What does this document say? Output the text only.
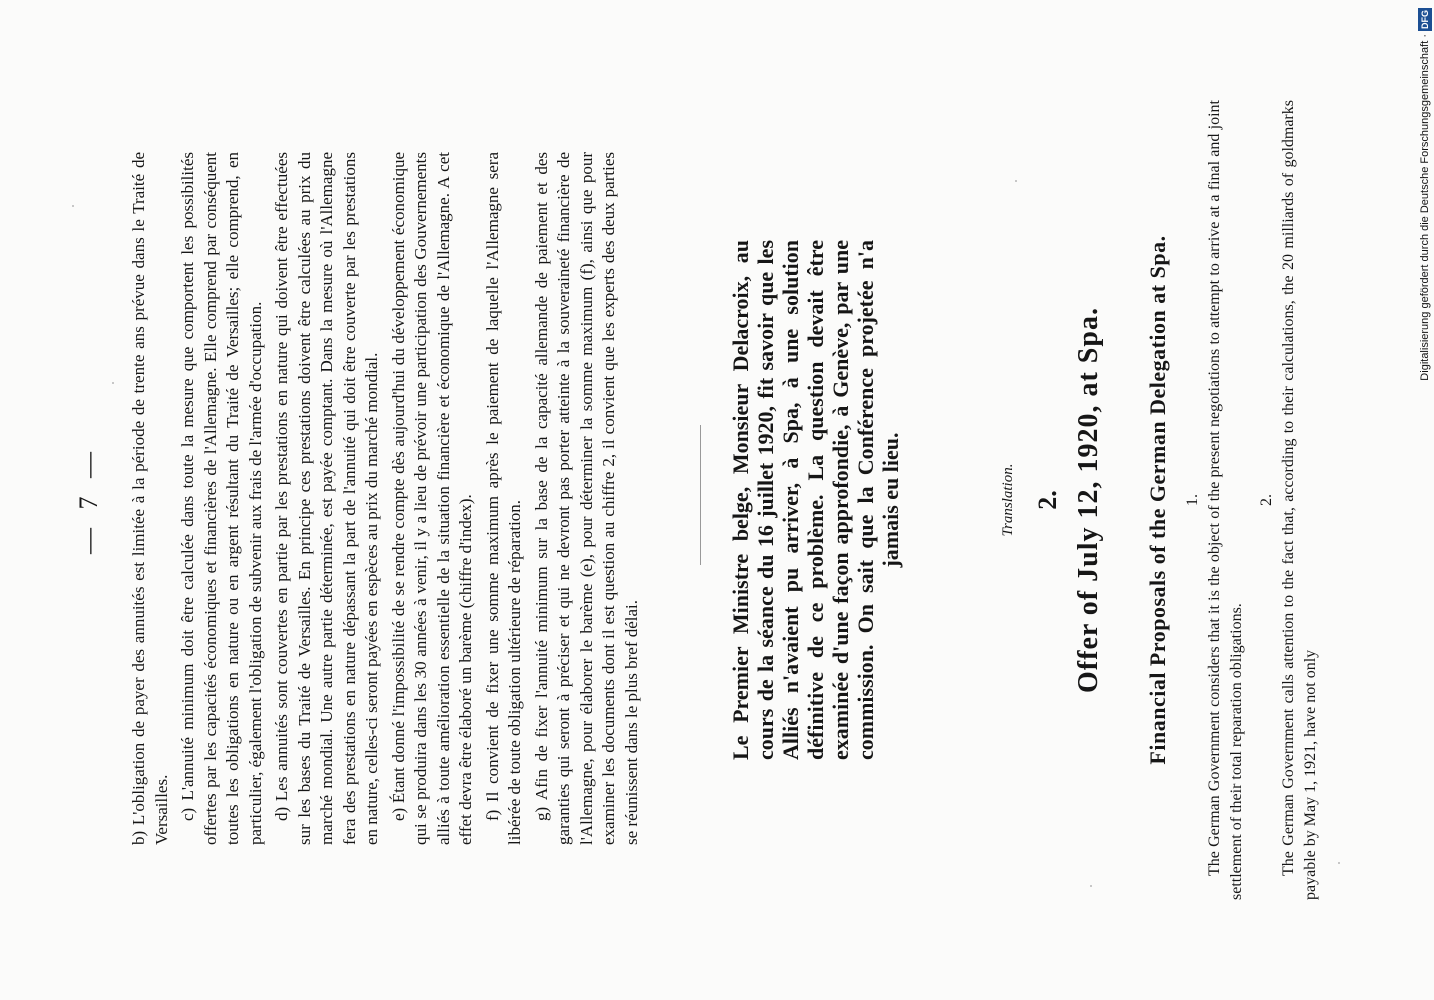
— 7 — b) L'obligation de payer des annuités est limitée à la période de trente ans prévue dans le Traité de Versailles. c) L'annuité minimum doit être calculée dans toute la mesure que comportent les possibilités offertes par les capacités économiques et financières de l'Allemagne. Elle comprend par conséquent toutes les obligations en nature ou en argent résultant du Traité de Versailles; elle comprend, en particulier, également l'obligation de subvenir aux frais de l'armée d'occupation. d) Les annuités sont couvertes en partie par les prestations en nature qui doivent être effectuées sur les bases du Traité de Versailles. En principe ces prestations doivent être calculées au prix du marché mondial. Une autre partie déterminée, est payée comptant. Dans la mesure où l'Allemagne fera des prestations en nature dépassant la part de l'annuité qui doit être couverte par les prestations en nature, celles-ci seront payées en espèces au prix du marché mondial. e) Étant donné l'impossibilité de se rendre compte dès aujourd'hui du développement économique qui se produira dans les 30 années à venir, il y a lieu de prévoir une participation des Gouvernements alliés à toute amélioration essentielle de la situation financière et économique de l'Allemagne. A cet effet devra être élaboré un barème (chiffre d'index). f) Il convient de fixer une somme maximum après le paiement de laquelle l'Allemagne sera libérée de toute obligation ultérieure de réparation. g) Afin de fixer l'annuité minimum sur la base de la capacité allemande de paiement et des garanties qui seront à préciser et qui ne devront pas porter atteinte à la souveraineté financière de l'Allemagne, pour élaborer le barème (e), pour déterminer la somme maximum (f), ainsi que pour examiner les documents dont il est question au chiffre 2, il convient que les experts des deux parties se réunissent dans le plus bref délai.	Le Premier Ministre belge, Monsieur Delacroix, au cours de la séance du 16 juillet 1920, fit savoir que les Alliés n'avaient pu arriver, à Spa, à une solution définitive de ce problème. La question devait être examinée d'une façon approfondie, à Genève, par une commission. On sait que la Conférence projetée n'a jamais eu lieu.	Translation. 2. Offer of July 12, 1920, at Spa. Financial Proposals of the German Delegation at Spa. 1. The German Government considers that it is the object of the present negotiations to attempt to arrive at a final and joint settlement of their total reparation obligations.

2. The German Government calls attention to the fact that, according to their calculations, the 20 milliards of goldmarks payable by May 1, 1921, have not only

Digitalisierung gefördert durch die Deutsche Forschungsgemeinschaft ·DFG
